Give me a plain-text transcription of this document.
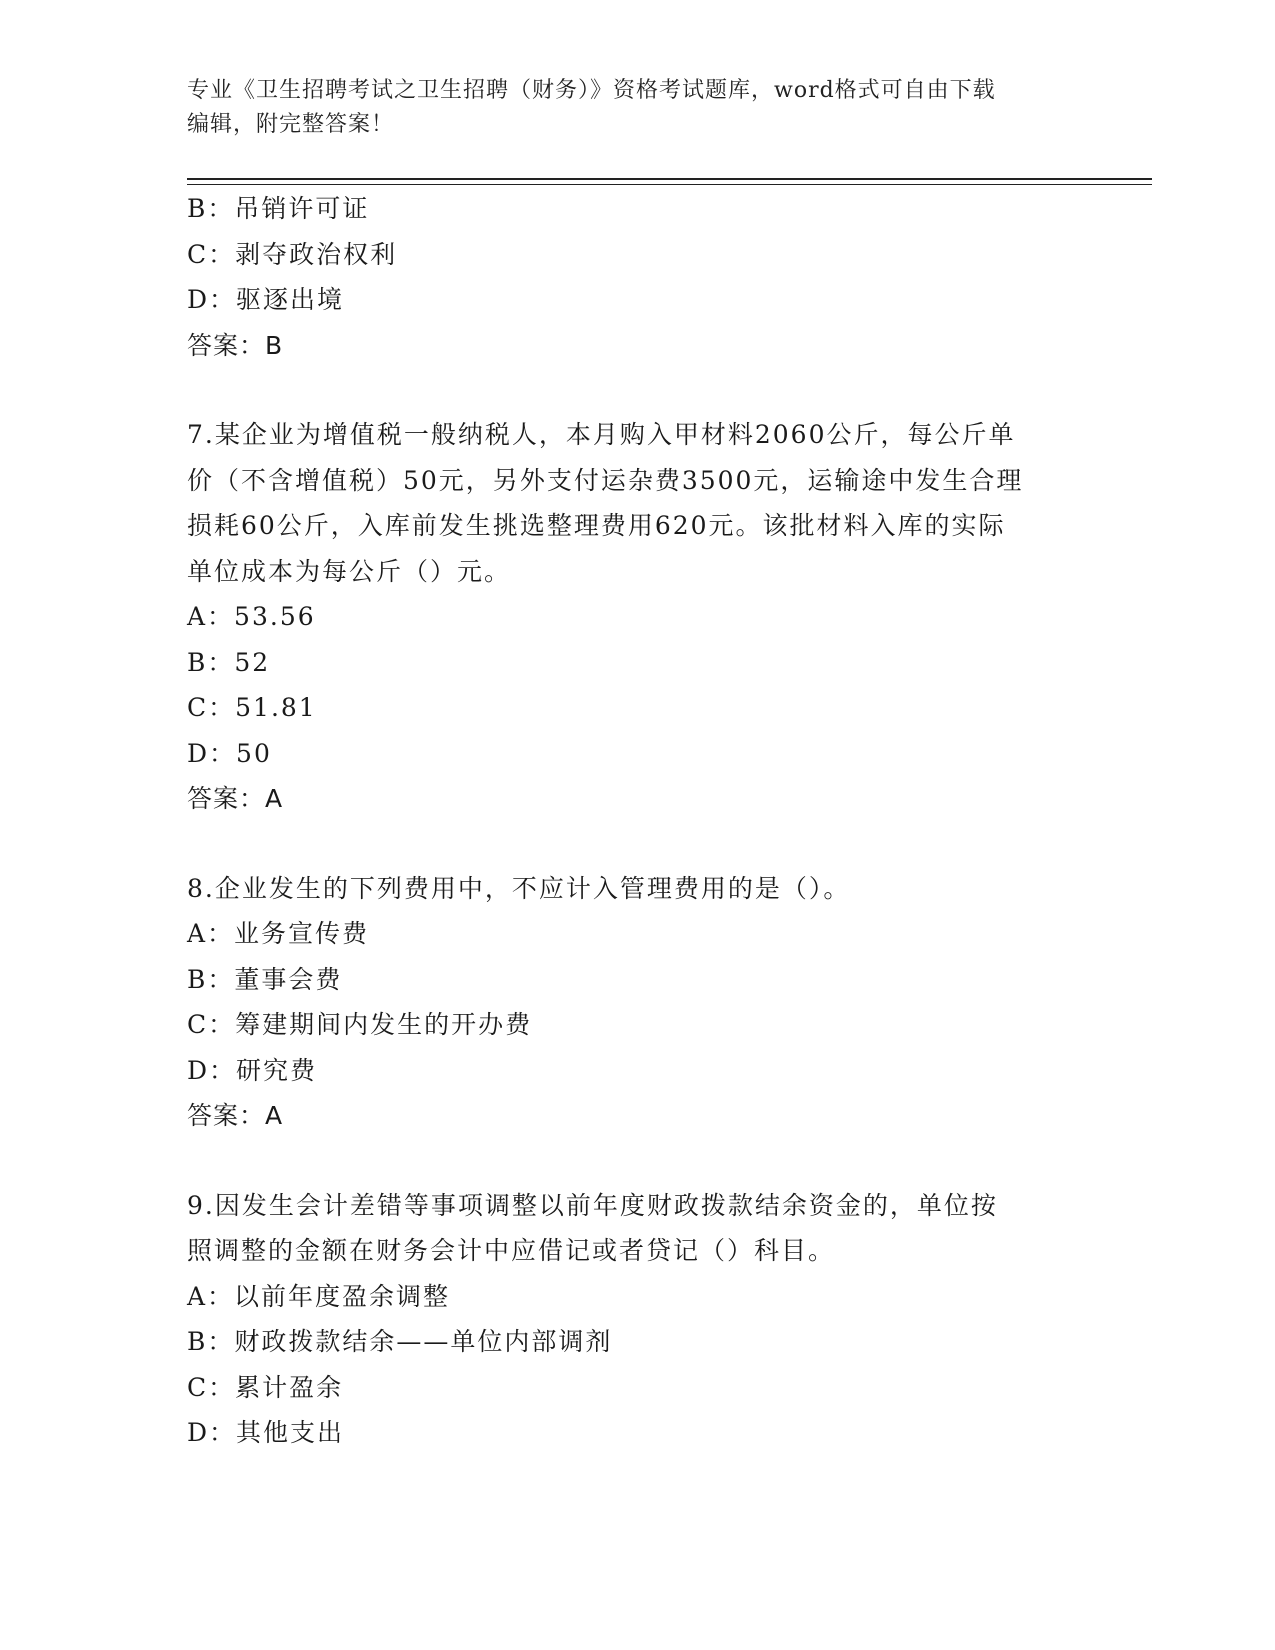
专业《卫生招聘考试之卫生招聘（财务）》资格考试题库，word格式可自由下载
编辑，附完整答案！
B：吊销许可证
C：剥夺政治权利
D：驱逐出境
答案：B
7.某企业为增值税一般纳税人，本月购入甲材料2060公斤，每公斤单
价（不含增值税）50元，另外支付运杂费3500元，运输途中发生合理
损耗60公斤，入库前发生挑选整理费用620元。该批材料入库的实际
单位成本为每公斤（）元。
A：53.56
B：52
C：51.81
D：50
答案：A
8.企业发生的下列费用中，不应计入管理费用的是（）。
A：业务宣传费
B：董事会费
C：筹建期间内发生的开办费
D：研究费
答案：A
9.因发生会计差错等事项调整以前年度财政拨款结余资金的，单位按
照调整的金额在财务会计中应借记或者贷记（）科目。
A：以前年度盈余调整
B：财政拨款结余——单位内部调剂
C：累计盈余
D：其他支出
